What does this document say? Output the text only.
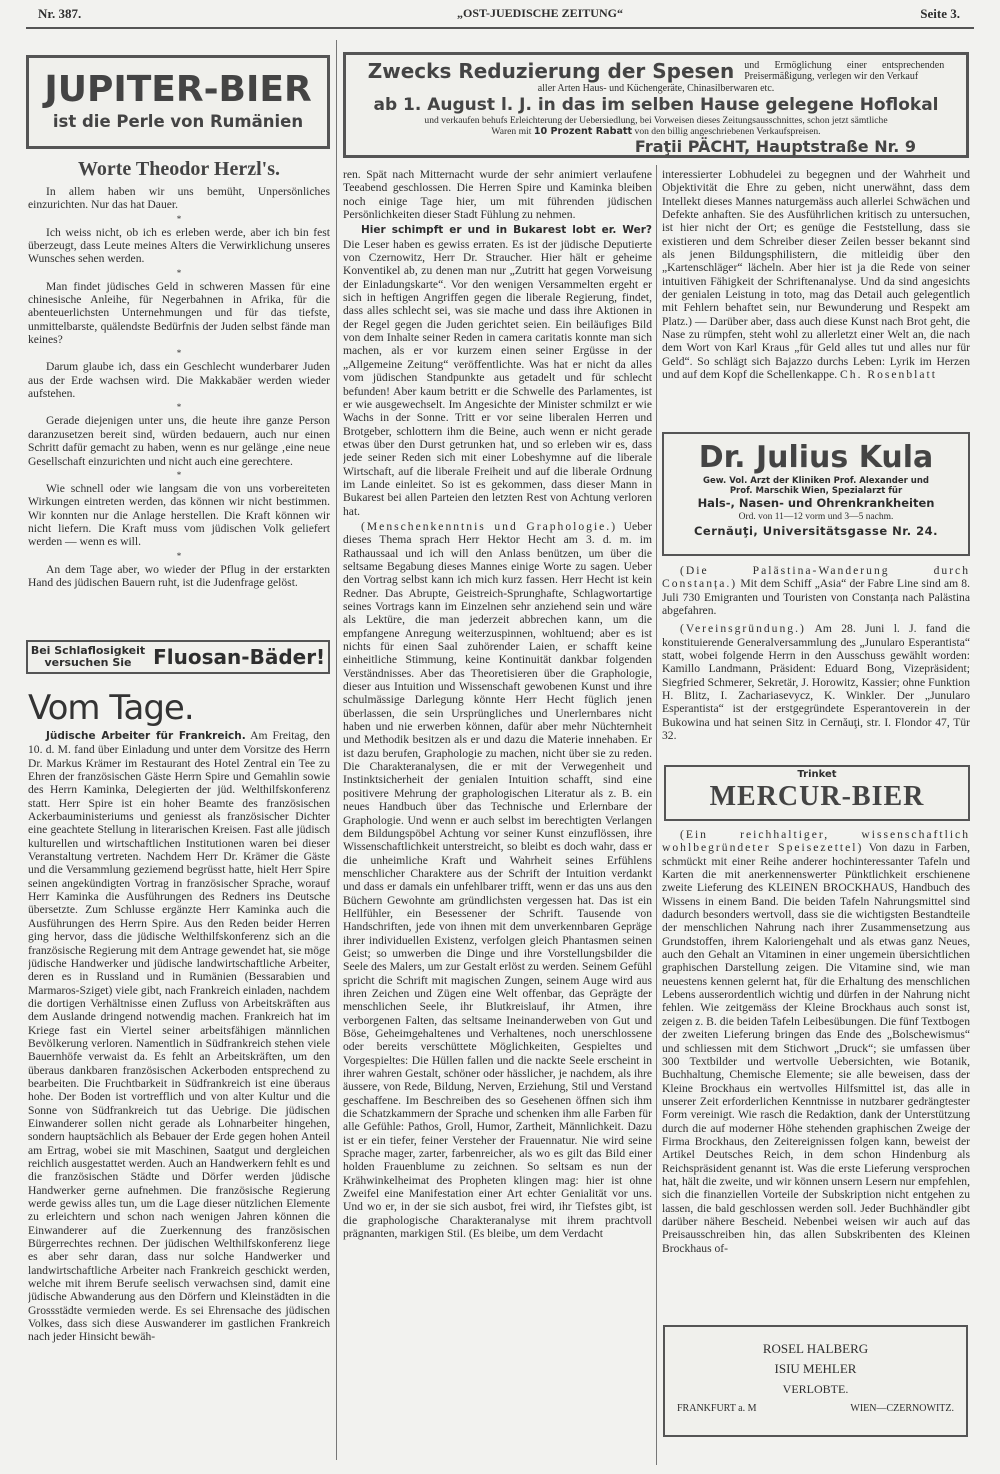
Nr. 387.	„OST-JUEDISCHE ZEITUNG“	Seite 3.
JUPITER-BIER
ist die Perle von Rumänien
Worte Theodor Herzl's.

In allem haben wir uns bemüht, Unpersönliches einzurichten. Nur das hat Dauer.

*

Ich weiss nicht, ob ich es erleben werde, aber ich bin fest überzeugt, dass Leute meines Alters die Verwirklichung unseres Wunsches sehen werden.

*

Man findet jüdisches Geld in schweren Massen für eine chinesische Anleihe, für Negerbahnen in Afrika, für die abenteuerlichsten Unternehmungen und für das tiefste, unmittelbarste, quälendste Bedürfnis der Juden selbst fände man keines?

*

Darum glaube ich, dass ein Geschlecht wunderbarer Juden aus der Erde wachsen wird. Die Makkabäer werden wieder aufstehen.

*

Gerade diejenigen unter uns, die heute ihre ganze Person daranzusetzen bereit sind, würden bedauern, auch nur einen Schritt dafür gemacht zu haben, wenn es nur gelänge ‚eine neue Gesellschaft einzurichten und nicht auch eine gerechtere.

*

Wie schnell oder wie langsam die von uns vorbereiteten Wirkungen eintreten werden, das können wir nicht bestimmen. Wir konnten nur die Anlage herstellen. Die Kraft können wir nicht liefern. Die Kraft muss vom jüdischen Volk geliefert werden — wenn es will.

*

An dem Tage aber, wo wieder der Pflug in der erstarkten Hand des jüdischen Bauern ruht, ist die Judenfrage gelöst.

Bei Schlaflosigkeit
versuchen Sie	Fluosan-Bäder!
Vom Tage.

Jüdische Arbeiter für Frankreich. Am Freitag, den 10. d. M. fand über Einladung und unter dem Vorsitze des Herrn Dr. Markus Krämer im Restaurant des Hotel Zentral ein Tee zu Ehren der französischen Gäste Herrn Spire und Gemahlin sowie des Herrn Kaminka, Delegierten der jüd. Welthilfskonferenz statt. Herr Spire ist ein hoher Beamte des französischen Ackerbauministeriums und geniesst als französischer Dichter eine geachtete Stellung in literarischen Kreisen. Fast alle jüdisch kulturellen und wirtschaftlichen Institutionen waren bei dieser Veranstaltung vertreten. Nachdem Herr Dr. Krämer die Gäste und die Versammlung geziemend begrüsst hatte, hielt Herr Spire seinen angekündigten Vortrag in französischer Sprache, worauf Herr Kaminka die Ausführungen des Redners ins Deutsche übersetzte. Zum Schlusse ergänzte Herr Kaminka auch die Ausführungen des Herrn Spire. Aus den Reden beider Herren ging hervor, dass die jüdische Welthilfskonferenz sich an die französische Regierung mit dem Antrage gewendet hat, sie möge jüdische Handwerker und jüdische landwirtschaftliche Arbeiter, deren es in Russland und in Rumänien (Bessarabien und Marmaros-Sziget) viele gibt, nach Frankreich einladen, nachdem die dortigen Verhältnisse einen Zufluss von Arbeitskräften aus dem Auslande dringend notwendig machen. Frankreich hat im Kriege fast ein Viertel seiner arbeitsfähigen männlichen Bevölkerung verloren. Namentlich in Südfrankreich stehen viele Bauernhöfe verwaist da. Es fehlt an Arbeitskräften, um den überaus dankbaren französischen Ackerboden entsprechend zu bearbeiten. Die Fruchtbarkeit in Südfrankreich ist eine überaus hohe. Der Boden ist vortrefflich und von alter Kultur und die Sonne von Südfrankreich tut das Uebrige. Die jüdischen Einwanderer sollen nicht gerade als Lohnarbeiter hingehen, sondern hauptsächlich als Bebauer der Erde gegen hohen Anteil am Ertrag, wobei sie mit Maschinen, Saatgut und dergleichen reichlich ausgestattet werden. Auch an Handwerkern fehlt es und die französischen Städte und Dörfer werden jüdische Handwerker gerne aufnehmen. Die französische Regierung werde gewiss alles tun, um die Lage dieser nützlichen Elemente zu erleichtern und schon nach wenigen Jahren können die Einwanderer auf die Zuerkennung des französischen Bürgerrechtes rechnen. Der jüdischen Welthilfskonferenz liege es aber sehr daran, dass nur solche Handwerker und landwirtschaftliche Arbeiter nach Frankreich geschickt werden, welche mit ihrem Berufe seelisch verwachsen sind, damit eine jüdische Abwanderung aus den Dörfern und Kleinstädten in die Grossstädte vermieden werde. Es sei Ehrensache des jüdischen Volkes, dass sich diese Auswanderer im gastlichen Frankreich nach jeder Hinsicht bewäh-

Zwecks Reduzierung der Spesen und Ermöglichung einer entsprechenden Preisermäßigung, verlegen wir den Verkauf
aller Arten Haus- und Küchengeräte, Chinasilberwaren etc.
ab 1. August l. J. in das im selben Hause gelegene Hoflokal
und verkaufen behufs Erleichterung der Uebersiedlung, bei Vorweisen dieses Zeitungsausschnittes, schon jetzt sämtliche
Waren mit 10 Prozent Rabatt von den billig angeschriebenen Verkaufspreisen.
Fraţii PÄCHT, Hauptstraße Nr. 9

ren. Spät nach Mitternacht wurde der sehr animiert verlaufene Teeabend geschlossen. Die Herren Spire und Kaminka bleiben noch einige Tage hier, um mit führenden jüdischen Persönlichkeiten dieser Stadt Fühlung zu nehmen.

Hier schimpft er und in Bukarest lobt er. Wer? Die Leser haben es gewiss erraten. Es ist der jüdische Deputierte von Czernowitz, Herr Dr. Straucher. Hier hält er geheime Konventikel ab, zu denen man nur „Zutritt hat gegen Vorweisung der Einladungskarte“. Vor den wenigen Versammelten ergeht er sich in heftigen Angriffen gegen die liberale Regierung, findet, dass alles schlecht sei, was sie mache und dass ihre Aktionen in der Regel gegen die Juden gerichtet seien. Ein beiläufiges Bild von dem Inhalte seiner Reden in camera caritatis konnte man sich machen, als er vor kurzem einen seiner Ergüsse in der „Allgemeine Zeitung“ veröffentlichte. Was hat er nicht da alles vom jüdischen Standpunkte aus getadelt und für schlecht befunden! Aber kaum betritt er die Schwelle des Parlamentes, ist er wie ausgewechselt. Im Angesichte der Minister schmilzt er wie Wachs in der Sonne. Tritt er vor seine liberalen Herren und Brotgeber, schlottern ihm die Beine, auch wenn er nicht gerade etwas über den Durst getrunken hat, und so erleben wir es, dass jede seiner Reden sich mit einer Lobeshymne auf die liberale Wirtschaft, auf die liberale Freiheit und auf die liberale Ordnung im Lande einleitet. So ist es gekommen, dass dieser Mann in Bukarest bei allen Parteien den letzten Rest von Achtung verloren hat.

(Menschenkenntnis und Graphologie.) Ueber dieses Thema sprach Herr Hektor Hecht am 3. d. m. im Rathaussaal und ich will den Anlass benützen, um über die seltsame Begabung dieses Mannes einige Worte zu sagen. Ueber den Vortrag selbst kann ich mich kurz fassen. Herr Hecht ist kein Redner. Das Abrupte, Geistreich-Sprunghafte, Schlagwortartige seines Vortrags kann im Einzelnen sehr anziehend sein und wäre als Lektüre, die man jederzeit abbrechen kann, um die empfangene Anregung weiterzuspinnen, wohltuend; aber es ist nichts für einen Saal zuhörender Laien, er schafft keine einheitliche Stimmung, keine Kontinuität dankbar folgenden Verständnisses. Aber das Theoretisieren über die Graphologie, dieser aus Intuition und Wissenschaft gewobenen Kunst und ihre schulmässige Darlegung könnte Herr Hecht füglich jenen überlassen, die sein Ursprüngliches und Unerlernbares nicht haben und nie erwerben können, dafür aber mehr Nüchternheit und Methodik besitzen als er und dazu die Materie innehaben. Er ist dazu berufen, Graphologie zu machen, nicht über sie zu reden. Die Charakteranalysen, die er mit der Verwegenheit und Instinktsicherheit der genialen Intuition schafft, sind eine positivere Mehrung der graphologischen Literatur als z. B. ein neues Handbuch über das Technische und Erlernbare der Graphologie. Und wenn er auch selbst im berechtigten Verlangen dem Bildungspöbel Achtung vor seiner Kunst einzuflössen, ihre Wissenschaftlichkeit unterstreicht, so bleibt es doch wahr, dass er die unheimliche Kraft und Wahrheit seines Erfühlens menschlicher Charaktere aus der Schrift der Intuition verdankt und dass er damals ein unfehlbarer trifft, wenn er das uns aus den Büchern Gewohnte am gründlichsten vergessen hat. Das ist ein Hellfühler, ein Besessener der Schrift. Tausende von Handschriften, jede von ihnen mit dem unverkennbaren Gepräge ihrer individuellen Existenz, verfolgen gleich Phantasmen seinen Geist; so umwerben die Dinge und ihre Vorstellungsbilder die Seele des Malers, um zur Gestalt erlöst zu werden. Seinem Gefühl spricht die Schrift mit magischen Zungen, seinem Auge wird aus ihren Zeichen und Zügen eine Welt offenbar, das Geprägte der menschlichen Seele, ihr Blutkreislauf, ihr Atmen, ihre verborgenen Falten, das seltsame Ineinanderweben von Gut und Böse, Geheimgehaltenes und Verhaltenes, noch unerschlossene oder bereits verschüttete Möglichkeiten, Gespieltes und Vorgespieltes: Die Hüllen fallen und die nackte Seele erscheint in ihrer wahren Gestalt, schöner oder hässlicher, je nachdem, als ihre äussere, von Rede, Bildung, Nerven, Erziehung, Stil und Verstand geschaffene. Im Beschreiben des so Gesehenen öffnen sich ihm die Schatzkammern der Sprache und schenken ihm alle Farben für alle Gefühle: Pathos, Groll, Humor, Zartheit, Männlichkeit. Dazu ist er ein tiefer, feiner Versteher der Frauennatur. Nie wird seine Sprache mager, zarter, farbenreicher, als wo es gilt das Bild einer holden Frauenblume zu zeichnen. So seltsam es nun der Krähwinkelheimat des Propheten klingen mag: hier ist ohne Zweifel eine Manifestation einer Art echter Genialität vor uns. Und wo er, in der sie sich ausbot, frei wird, ihr Tiefstes gibt, ist die graphologische Charakteranalyse mit ihrem prachtvoll prägnanten, markigen Stil. (Es bleibe, um dem Verdacht

interessierter Lobhudelei zu begegnen und der Wahrheit und Objektivität die Ehre zu geben, nicht unerwähnt, dass dem Intellekt dieses Mannes naturgemäss auch allerlei Schwächen und Defekte anhaften. Sie des Ausführlichen kritisch zu untersuchen, ist hier nicht der Ort; es genüge die Feststellung, dass sie existieren und dem Schreiber dieser Zeilen besser bekannt sind als jenen Bildungsphilistern, die mitleidig über den „Kartenschläger“ lächeln. Aber hier ist ja die Rede von seiner intuitiven Fähigkeit der Schriftenanalyse. Und da sind angesichts der genialen Leistung in toto, mag das Detail auch gelegentlich mit Fehlern behaftet sein, nur Bewunderung und Respekt am Platz.) — Darüber aber, dass auch diese Kunst nach Brot geht, die Nase zu rümpfen, steht wohl zu allerletzt einer Welt an, die nach dem Wort von Karl Kraus „für Geld alles tut und alles nur für Geld“. So schlägt sich Bajazzo durchs Leben: Lyrik im Herzen und auf dem Kopf die Schellenkappe. Ch. Rosenblatt

Dr. Julius Kula
Gew. Vol. Arzt der Kliniken Prof. Alexander und
Prof. Marschik Wien, Spezialarzt für
Hals-, Nasen- und Ohrenkrankheiten
Ord. von 11—12 vorm und 3—5 nachm.
Cernăuţi, Universitätsgasse Nr. 24.

(Die Palästina-Wanderung durch Constanța.) Mit dem Schiff „Asia“ der Fabre Line sind am 8. Juli 730 Emigranten und Touristen von Constanța nach Palästina abgefahren.

(Vereinsgründung.) Am 28. Juni l. J. fand die konstituierende Generalversammlung des „Junularo Esperantista“ statt, wobei folgende Herrn in den Ausschuss gewählt worden: Kamillo Landmann, Präsident: Eduard Bong, Vizepräsident; Siegfried Schmerer, Sekretär, J. Horowitz, Kassier; ohne Funktion H. Blitz, I. Zachariasevycz, K. Winkler. Der „Junularo Esperantista“ ist der erstgegründete Esperantoverein in der Bukowina und hat seinen Sitz in Cernăuţi, str. I. Flondor 47, Tür 32.

Trinket
MERCUR-BIER

(Ein reichhaltiger, wissenschaftlich wohlbegründeter Speisezettel) Von dazu in Farben, schmückt mit einer Reihe anderer hochinteressanter Tafeln und Karten die mit anerkennenswerter Pünktlichkeit erschienene zweite Lieferung des KLEINEN BROCKHAUS, Handbuch des Wissens in einem Band. Die beiden Tafeln Nahrungsmittel sind dadurch besonders wertvoll, dass sie die wichtigsten Bestandteile der menschlichen Nahrung nach ihrer Zusammensetzung aus Grundstoffen, ihrem Kaloriengehalt und als etwas ganz Neues, auch den Gehalt an Vitaminen in einer ungemein übersichtlichen graphischen Darstellung zeigen. Die Vitamine sind, wie man neuestens kennen gelernt hat, für die Erhaltung des menschlichen Lebens ausserordentlich wichtig und dürfen in der Nahrung nicht fehlen. Wie zeitgemäss der Kleine Brockhaus auch sonst ist, zeigen z. B. die beiden Tafeln Leibesübungen. Die fünf Textbogen der zweiten Lieferung bringen das Ende des „Bolschewismus“ und schliessen mit dem Stichwort „Druck“; sie umfassen über 300 Textbilder und wertvolle Uebersichten, wie Botanik, Buchhaltung, Chemische Elemente; sie alle beweisen, dass der Kleine Brockhaus ein wertvolles Hilfsmittel ist, das alle in unserer Zeit erforderlichen Kenntnisse in nutzbarer gedrängtester Form vereinigt. Wie rasch die Redaktion, dank der Unterstützung durch die auf moderner Höhe stehenden graphischen Zweige der Firma Brockhaus, den Zeitereignissen folgen kann, beweist der Artikel Deutsches Reich, in dem schon Hindenburg als Reichspräsident genannt ist. Was die erste Lieferung versprochen hat, hält die zweite, und wir können unsern Lesern nur empfehlen, sich die finanziellen Vorteile der Subskription nicht entgehen zu lassen, die bald geschlossen werden soll. Jeder Buchhändler gibt darüber nähere Bescheid. Nebenbei weisen wir auch auf das Preisausschreiben hin, das allen Subskribenten des Kleinen Brockhaus of-

ROSEL HALBERG
ISIU MEHLER
VERLOBTE.
FRANKFURT a. M	WIEN—CZERNOWITZ.
